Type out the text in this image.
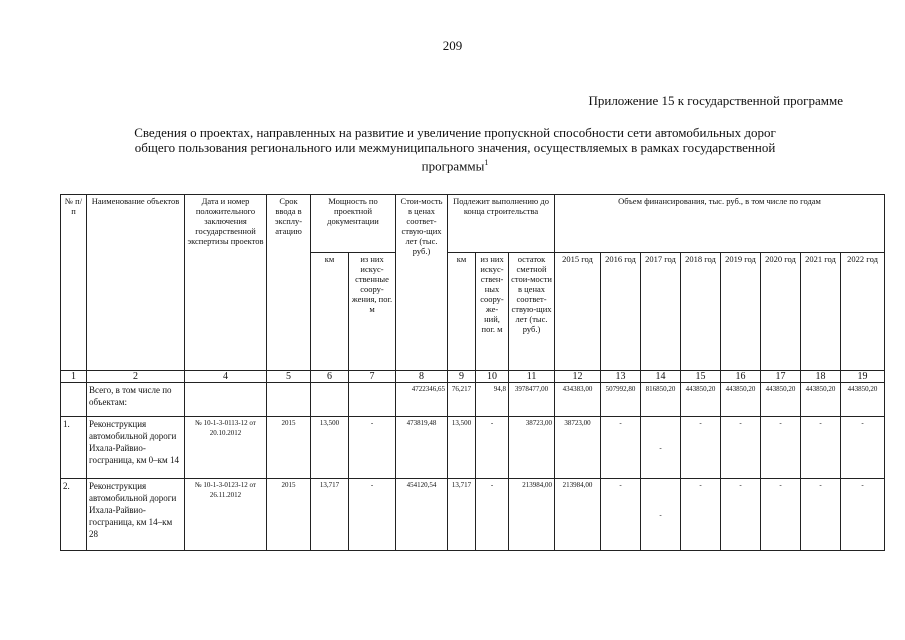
209
Приложение 15 к государственной программе
Сведения о проектах, направленных на развитие и увеличение пропускной способности сети автомобильных дорог
общего пользования регионального или межмуниципального значения, осуществляемых в рамках государственной
программы$^1$
№ п/п	Наименование объектов	Дата и номер положительного заключения государственной экспертизы проектов	Срок ввода в эксплу-атацию	Мощность по проектной документации		Стои-мость в ценах соответ-ствую-щих лет (тыс. руб.)	Подлежит выполнению до конца строительства			Объем финансирования, тыс. руб., в том числе по годам							
				км	из них искус-ственные соору-жения, пог. м		км	из них искус-ствен-ных соору-же-ний, пог. м	остаток сметной стои-мости в ценах соответ-ствую-щих лет (тыс. руб.)	2015 год	2016 год	2017 год	2018 год	2019 год	2020 год	2021 год	2022 год
1	2	4	5	6	7	8	9	10	11	12	13	14	15	16	17	18	19
	Всего, в том числе по объектам:					4722346,65	76,217	94,8	3978477,00	434383,00	507992,80	816850,20	443850,20	443850,20	443850,20	443850,20	443850,20
1.	Реконструкция автомобильной дороги Ихала-Райвио-госграница, км 0–км 14	№ 10-1-3-0113-12 от 20.10.2012	2015	13,500	-	473819,48	13,500	-	38723,00	38723,00	-	-	-	-	-	-	-
2.	Реконструкция автомобильной дороги Ихала-Райвио-госграница, км 14–км 28	№ 10-1-3-0123-12 от 26.11.2012	2015	13,717	-	454120,54	13,717	-	213984,00	213984,00	-	-	-	-	-	-	-
